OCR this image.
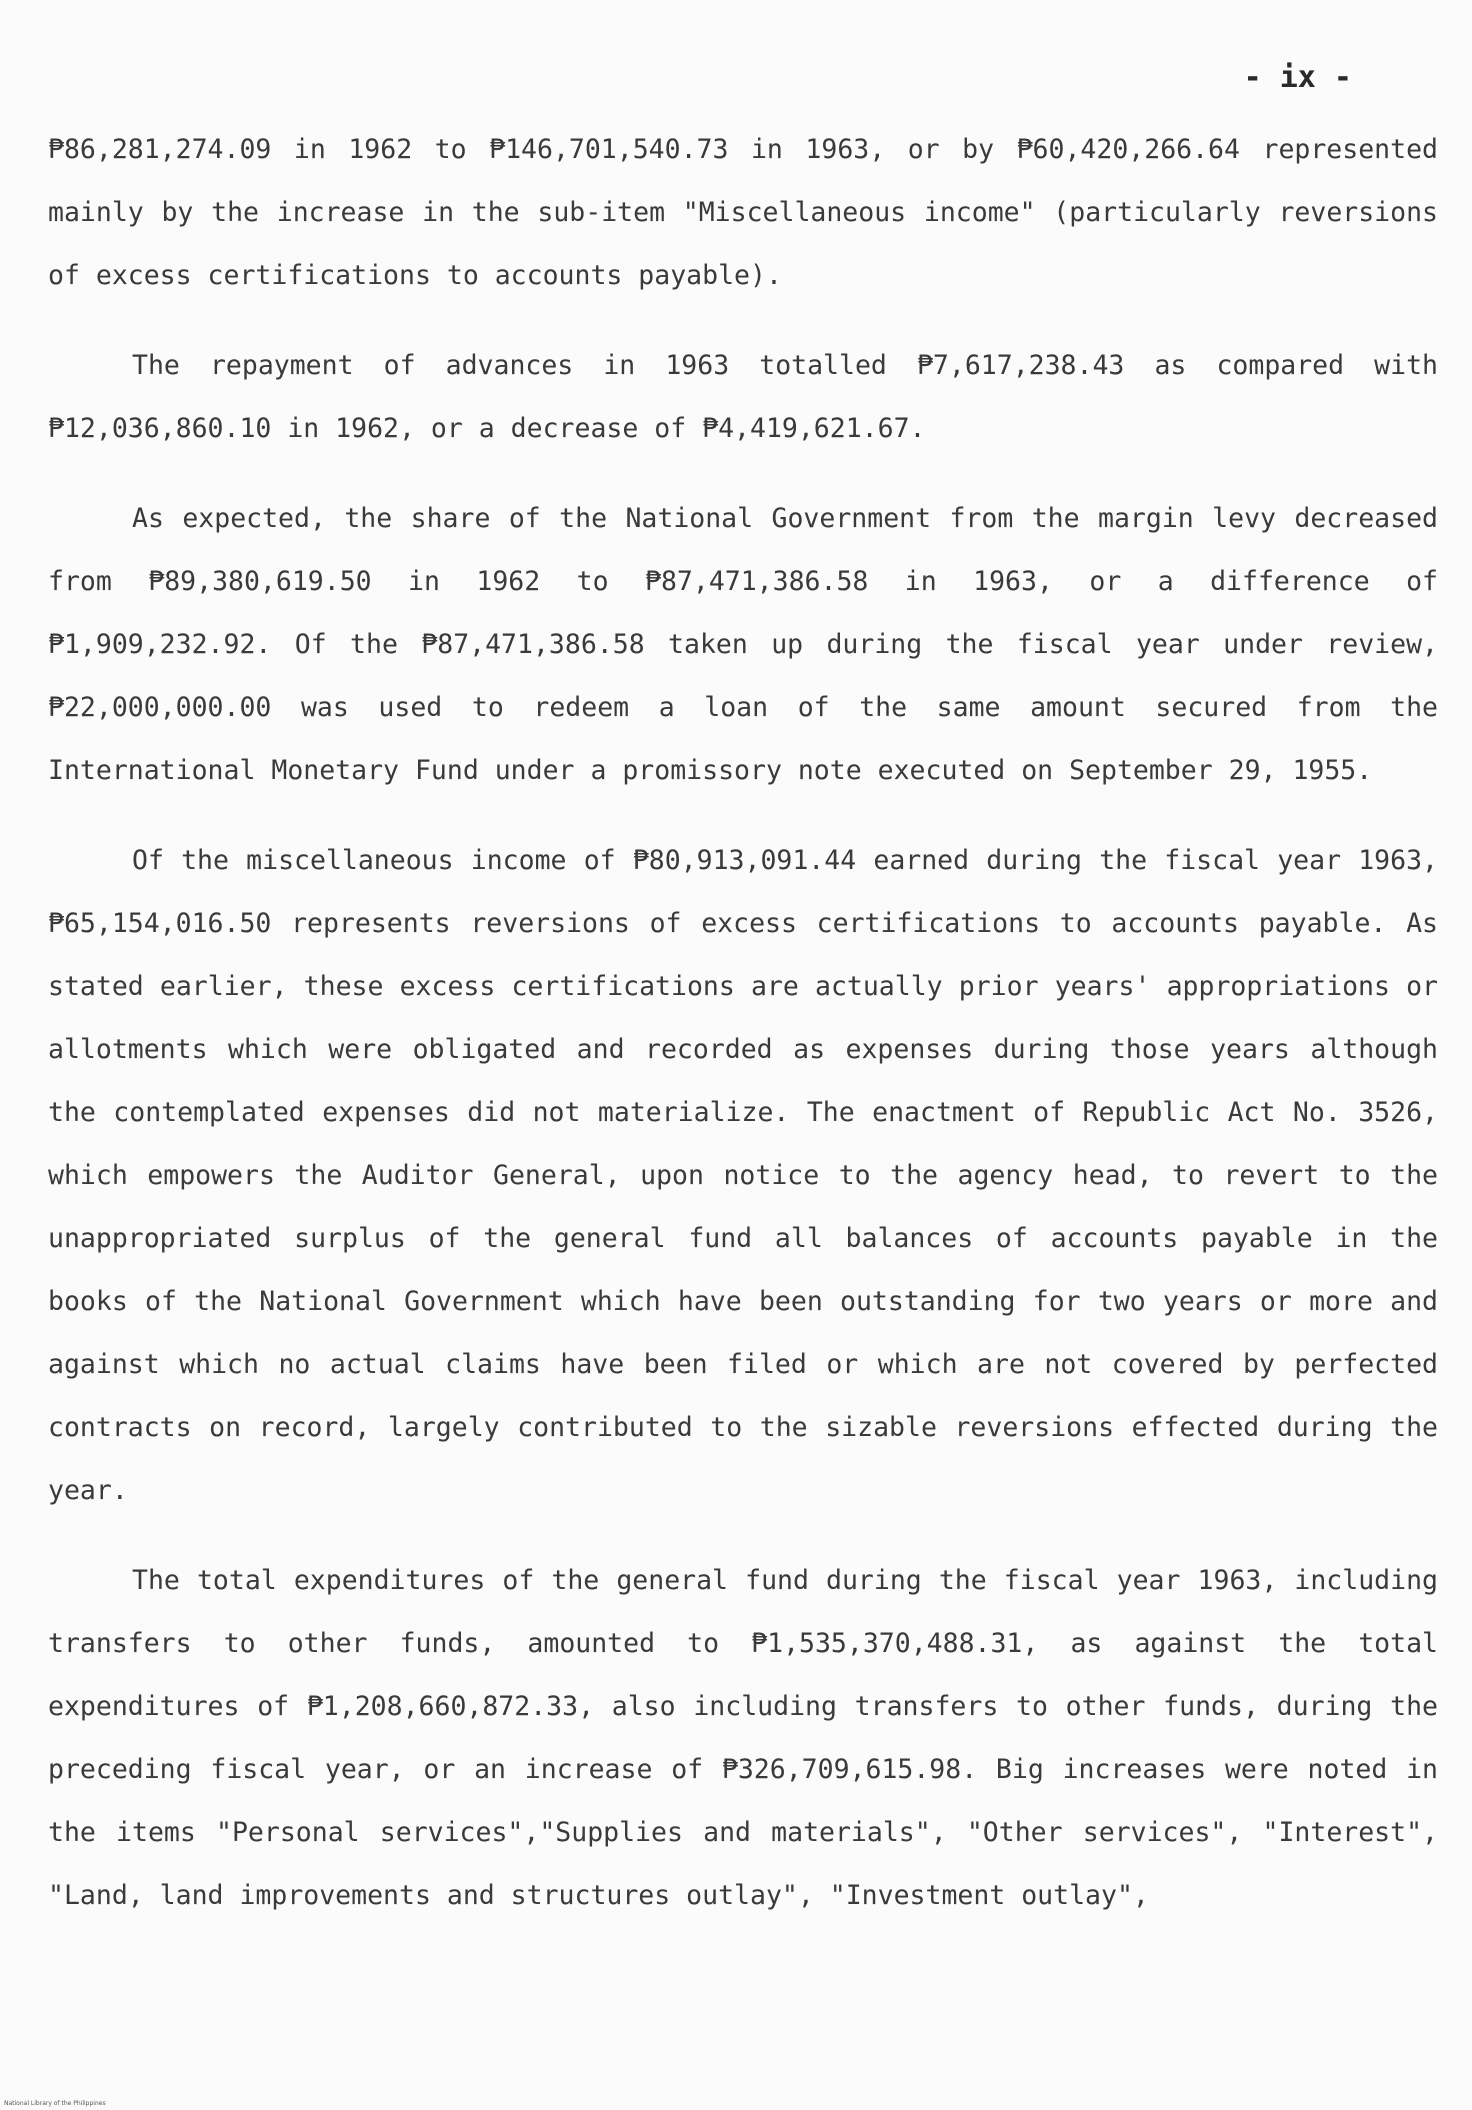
- ix -

₱86,281,274.09 in 1962 to ₱146,701,540.73 in 1963, or by ₱60,420,266.64 represented mainly by the increase in the sub-item "Miscellaneous income" (particularly reversions of excess certifications to accounts payable).

The repayment of advances in 1963 totalled ₱7,617,238.43 as compared with ₱12,036,860.10 in 1962, or a decrease of ₱4,419,621.67.

As expected, the share of the National Government from the margin levy decreased from ₱89,380,619.50 in 1962 to ₱87,471,386.58 in 1963, or a difference of ₱1,909,232.92. Of the ₱87,471,386.58 taken up during the fiscal year under review, ₱22,000,000.00 was used to redeem a loan of the same amount secured from the International Monetary Fund under a promissory note executed on September 29, 1955.

Of the miscellaneous income of ₱80,913,091.44 earned during the fiscal year 1963, ₱65,154,016.50 represents reversions of excess certifications to accounts payable. As stated earlier, these excess certifications are actually prior years' appropriations or allotments which were obligated and recorded as expenses during those years although the contemplated expenses did not materialize. The enactment of Republic Act No. 3526, which empowers the Auditor General, upon notice to the agency head, to revert to the unappropriated surplus of the general fund all balances of accounts payable in the books of the National Government which have been outstanding for two years or more and against which no actual claims have been filed or which are not covered by perfected contracts on record, largely contributed to the sizable reversions effected during the year.

The total expenditures of the general fund during the fiscal year 1963, including transfers to other funds, amounted to ₱1,535,370,488.31, as against the total expenditures of ₱1,208,660,872.33, also including transfers to other funds, during the preceding fiscal year, or an increase of ₱326,709,615.98. Big increases were noted in the items "Personal services","Supplies and materials", "Other services", "Interest", "Land, land improvements and structures outlay", "Investment outlay",

National Library of the Philippines
